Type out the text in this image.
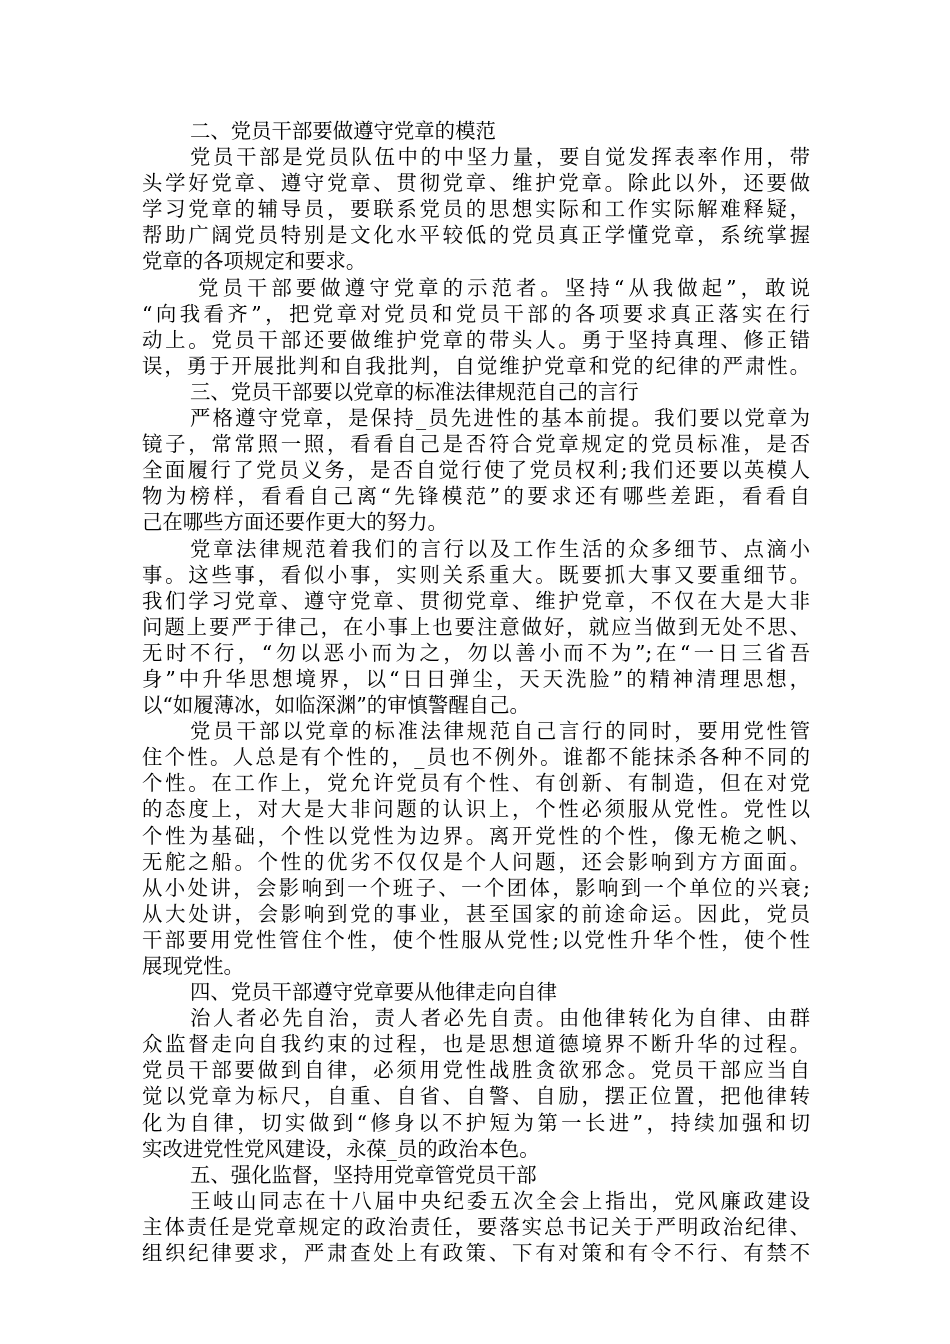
二、党员干部要做遵守党章的模范
党员干部是党员队伍中的中坚力量，要自觉发挥表率作用，带
头学好党章、遵守党章、贯彻党章、维护党章。除此以外，还要做
学习党章的辅导员，要联系党员的思想实际和工作实际解难释疑，
帮助广阔党员特别是文化水平较低的党员真正学懂党章，系统掌握
党章的各项规定和要求。
党员干部要做遵守党章的示范者。坚持“从我做起”，敢说
“向我看齐”，把党章对党员和党员干部的各项要求真正落实在行
动上。党员干部还要做维护党章的带头人。勇于坚持真理、修正错
误，勇于开展批判和自我批判，自觉维护党章和党的纪律的严肃性。
三、党员干部要以党章的标准法律规范自己的言行
严格遵守党章，是保持_员先进性的基本前提。我们要以党章为
镜子，常常照一照，看看自己是否符合党章规定的党员标准，是否
全面履行了党员义务，是否自觉行使了党员权利;我们还要以英模人
物为榜样，看看自己离“先锋模范”的要求还有哪些差距，看看自
己在哪些方面还要作更大的努力。
党章法律规范着我们的言行以及工作生活的众多细节、点滴小
事。这些事，看似小事，实则关系重大。既要抓大事又要重细节。
我们学习党章、遵守党章、贯彻党章、维护党章，不仅在大是大非
问题上要严于律己，在小事上也要注意做好，就应当做到无处不思、
无时不行，“勿以恶小而为之，勿以善小而不为”;在“一日三省吾
身”中升华思想境界，以“日日弹尘，天天洗脸”的精神清理思想，
以“如履薄冰，如临深渊”的审慎警醒自己。
党员干部以党章的标准法律规范自己言行的同时，要用党性管
住个性。人总是有个性的，_员也不例外。谁都不能抹杀各种不同的
个性。在工作上，党允许党员有个性、有创新、有制造，但在对党
的态度上，对大是大非问题的认识上，个性必须服从党性。党性以
个性为基础，个性以党性为边界。离开党性的个性，像无桅之帆、
无舵之船。个性的优劣不仅仅是个人问题，还会影响到方方面面。
从小处讲，会影响到一个班子、一个团体，影响到一个单位的兴衰;
从大处讲，会影响到党的事业，甚至国家的前途命运。因此，党员
干部要用党性管住个性，使个性服从党性;以党性升华个性，使个性
展现党性。
四、党员干部遵守党章要从他律走向自律
治人者必先自治，责人者必先自责。由他律转化为自律、由群
众监督走向自我约束的过程，也是思想道德境界不断升华的过程。
党员干部要做到自律，必须用党性战胜贪欲邪念。党员干部应当自
觉以党章为标尺，自重、自省、自警、自励，摆正位置，把他律转
化为自律，切实做到“修身以不护短为第一长进”，持续加强和切
实改进党性党风建设，永葆_员的政治本色。
五、强化监督，坚持用党章管党员干部
王岐山同志在十八届中央纪委五次全会上指出，党风廉政建设
主体责任是党章规定的政治责任，要落实总书记关于严明政治纪律、
组织纪律要求，严肃查处上有政策、下有对策和有令不行、有禁不
